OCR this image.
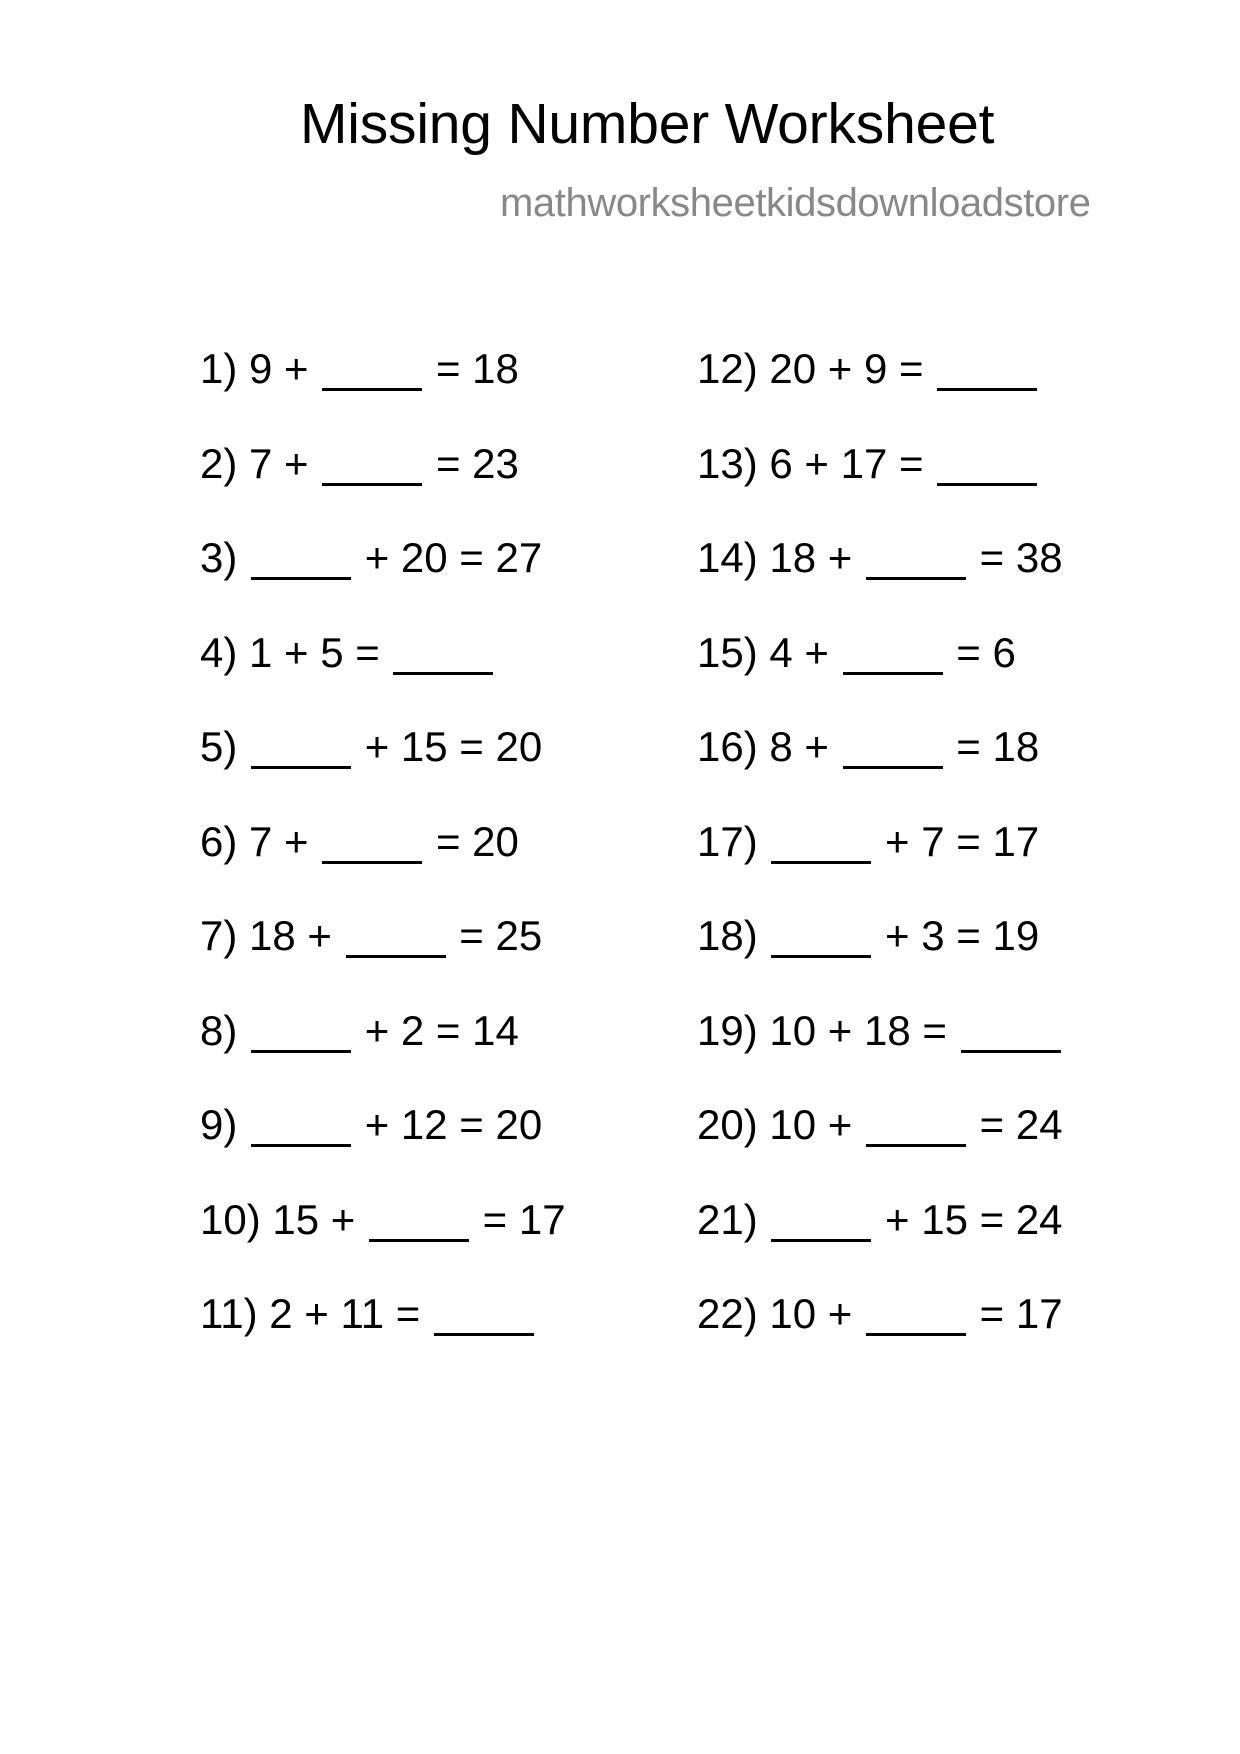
Missing Number Worksheet
mathworksheetkidsdownloadstore
1) 9 +	= 18
2) 7 +	= 23
3)	+ 20 = 27
4) 1 + 5 =
5)	+ 15 = 20
6) 7 +	= 20
7) 18 +	= 25
8)	+ 2 = 14
9)	+ 12 = 20
10) 15 +	= 17
11) 2 + 11 =
12) 20 + 9 =
13) 6 + 17 =
14) 18 +	= 38
15) 4 +	= 6
16) 8 +	= 18
17)	+ 7 = 17
18)	+ 3 = 19
19) 10 + 18 =
20) 10 +	= 24
21)	+ 15 = 24
22) 10 +	= 17
